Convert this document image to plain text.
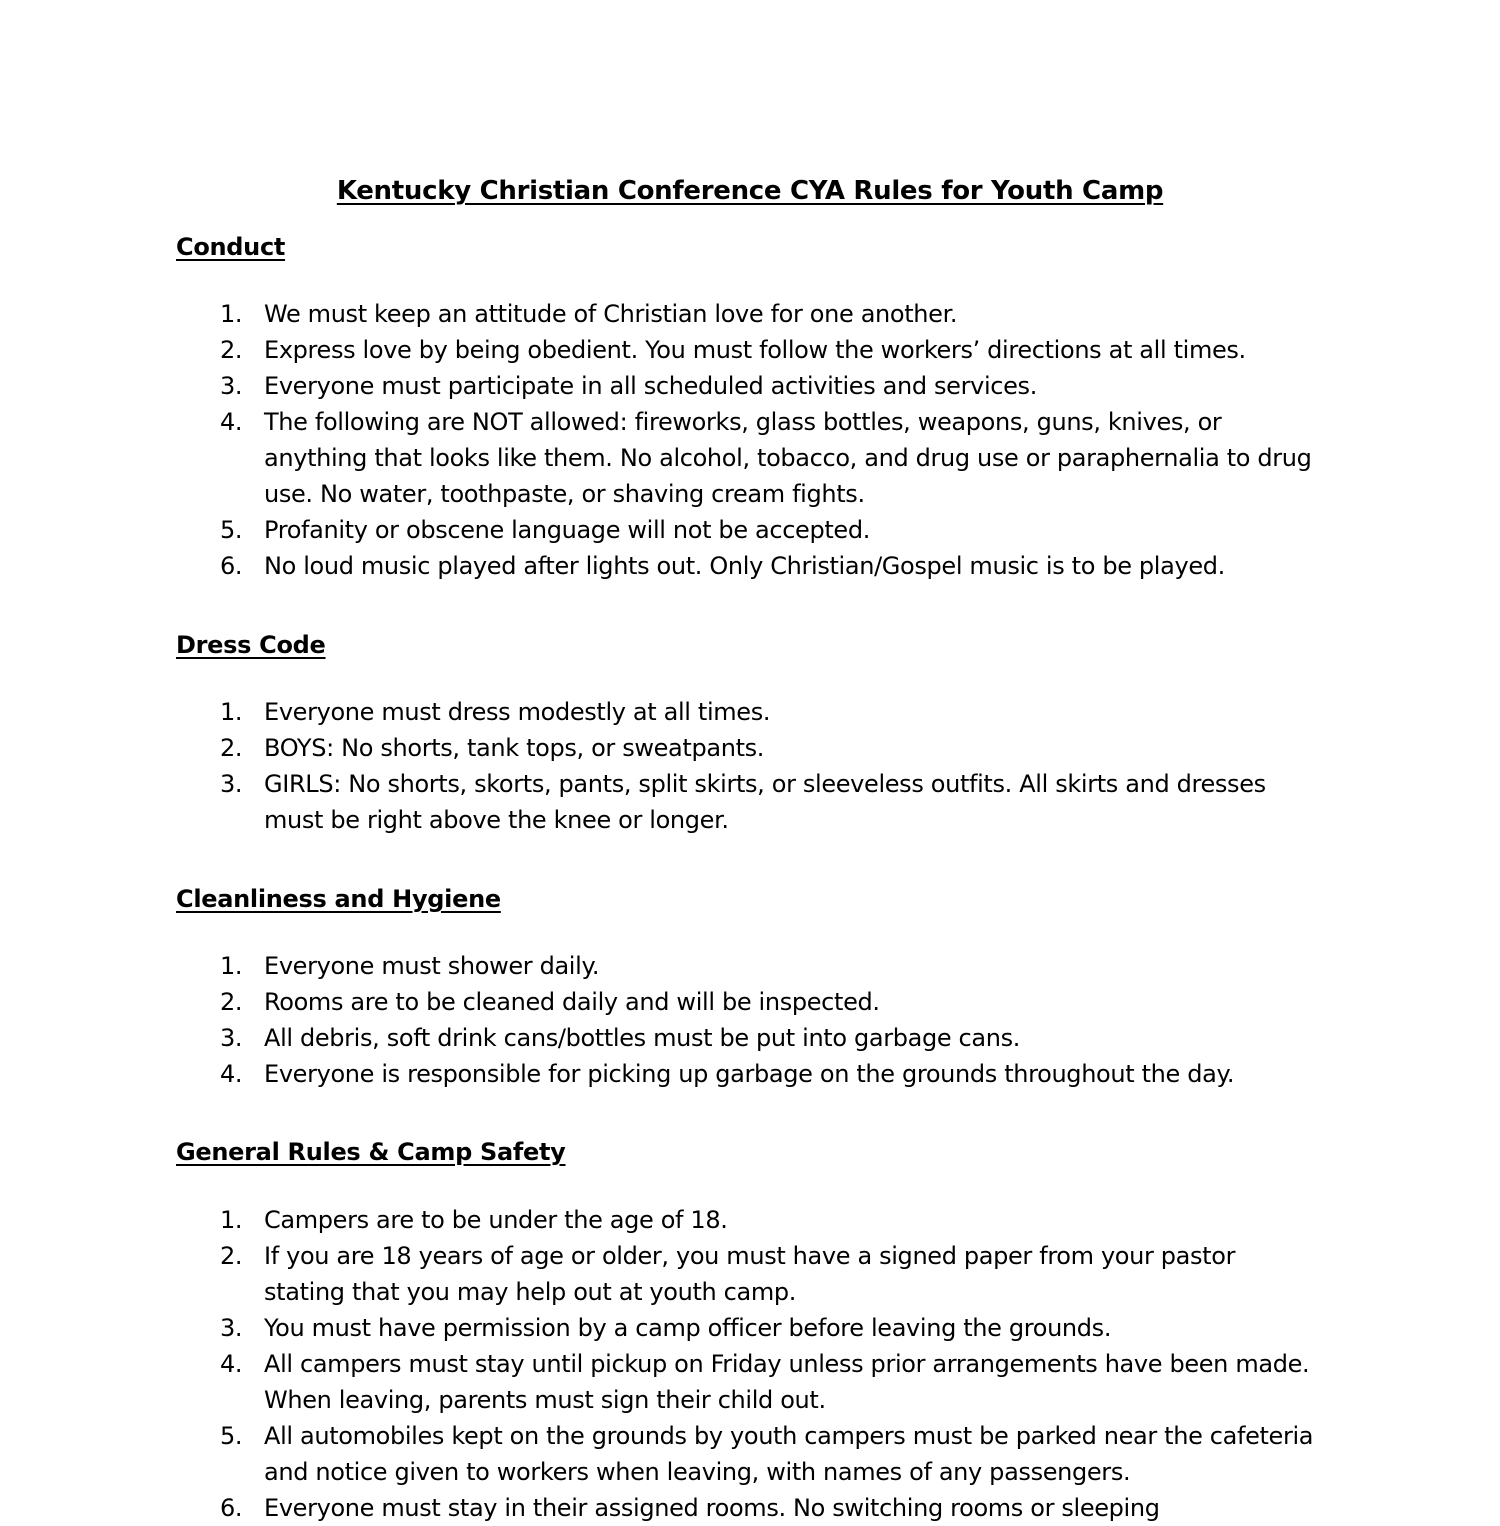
Kentucky Christian Conference CYA Rules for Youth Camp
Conduct
1. We must keep an attitude of Christian love for one another.
2. Express love by being obedient. You must follow the workers’ directions at all times.
3. Everyone must participate in all scheduled activities and services.
4. The following are NOT allowed: fireworks, glass bottles, weapons, guns, knives, or anything that looks like them. No alcohol, tobacco, and drug use or paraphernalia to drug use. No water, toothpaste, or shaving cream fights.
5. Profanity or obscene language will not be accepted.
6. No loud music played after lights out. Only Christian/Gospel music is to be played.
Dress Code
1. Everyone must dress modestly at all times.
2. BOYS: No shorts, tank tops, or sweatpants.
3. GIRLS: No shorts, skorts, pants, split skirts, or sleeveless outfits. All skirts and dresses must be right above the knee or longer.
Cleanliness and Hygiene
1. Everyone must shower daily.
2. Rooms are to be cleaned daily and will be inspected.
3. All debris, soft drink cans/bottles must be put into garbage cans.
4. Everyone is responsible for picking up garbage on the grounds throughout the day.
General Rules & Camp Safety
1. Campers are to be under the age of 18.
2. If you are 18 years of age or older, you must have a signed paper from your pastor stating that you may help out at youth camp.
3. You must have permission by a camp officer before leaving the grounds.
4. All campers must stay until pickup on Friday unless prior arrangements have been made. When leaving, parents must sign their child out.
5. All automobiles kept on the grounds by youth campers must be parked near the cafeteria and notice given to workers when leaving, with names of any passengers.
6. Everyone must stay in their assigned rooms. No switching rooms or sleeping
